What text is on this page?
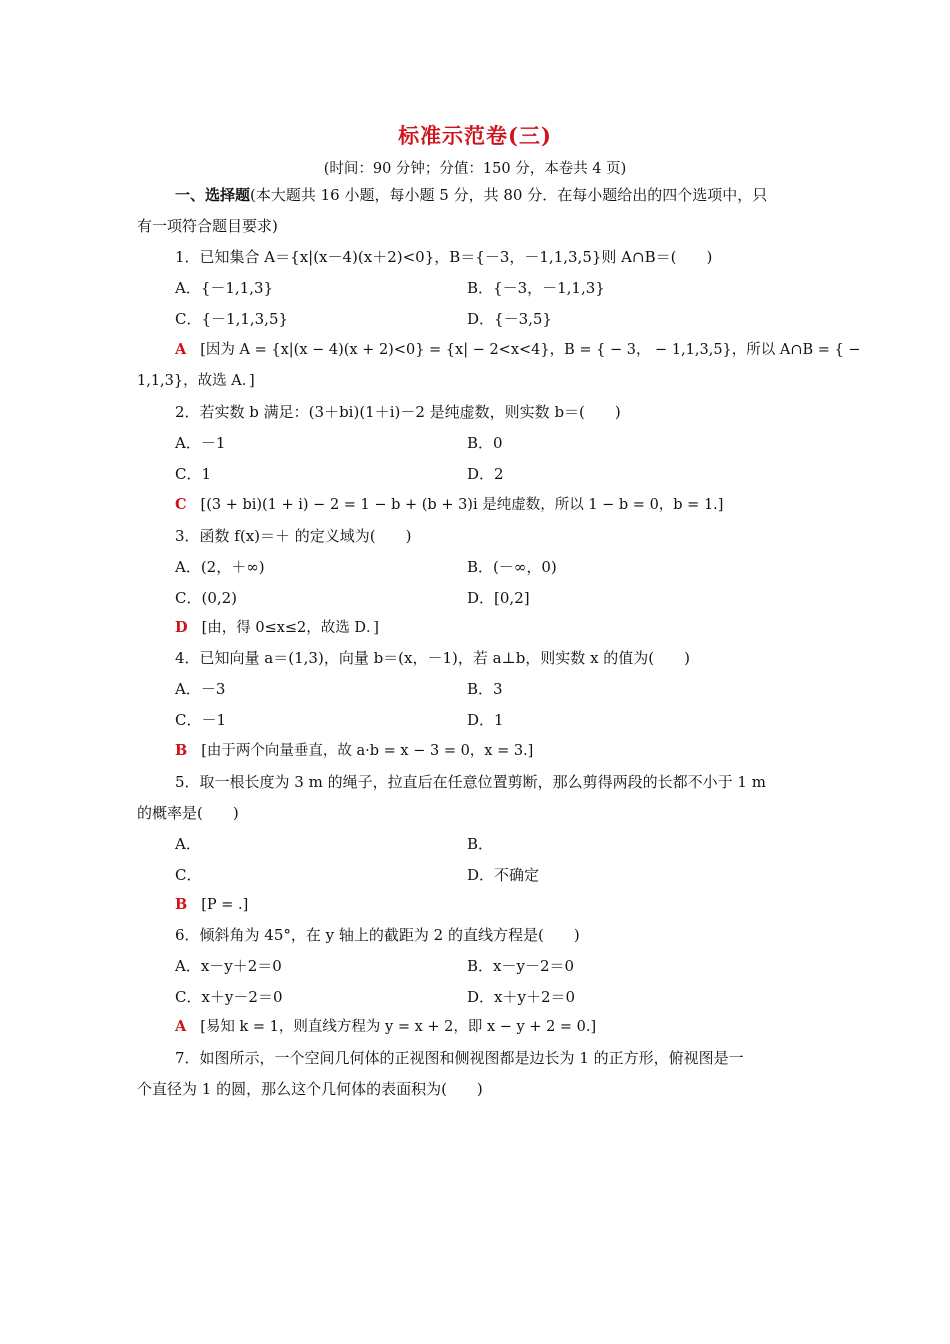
标准示范卷(三)
(时间：90 分钟；分值：150 分，本卷共 4 页)
一、选择题(本大题共 16 小题，每小题 5 分，共 80 分．在每小题给出的四个选项中，只
有一项符合题目要求)
1．已知集合 A＝{x|(x－4)(x＋2)<0}，B＝{－3，－1,1,3,5}则 A∩B＝(　　)
A．{－1,1,3}	B．{－3，－1,1,3}
C．{－1,1,3,5}	D．{－3,5}
A [因为 A = {x|(x − 4)(x + 2)<0} = {x| − 2<x<4}，B = { − 3， − 1,1,3,5}，所以 A∩B = { −
1,1,3}，故选 A．]
2．若实数 b 满足：(3＋bi)(1＋i)－2 是纯虚数，则实数 b＝(　　)
A．－1	B．0
C．1	D．2
C [(3 + bi)(1 + i) − 2 = 1 − b + (b + 3)i 是纯虚数，所以 1 − b = 0，b = 1.]
3．函数 f(x)＝＋ 的定义域为(　　)
A．(2，＋∞)	B．(－∞，0)
C．(0,2)	D．[0,2]
D [由，得 0≤x≤2，故选 D．]
4．已知向量 a＝(1,3)，向量 b＝(x，－1)，若 a⊥b，则实数 x 的值为(　　)
A．－3	B．3
C．－1	D．1
B [由于两个向量垂直，故 a·b = x − 3 = 0，x = 3.]
5．取一根长度为 3 m 的绳子，拉直后在任意位置剪断，那么剪得两段的长都不小于 1 m
的概率是(　　)
A．	B．
C．	D．不确定
B [P = .]
6．倾斜角为 45°，在 y 轴上的截距为 2 的直线方程是(　　)
A．x－y＋2＝0	B．x－y－2＝0
C．x＋y－2＝0	D．x＋y＋2＝0
A [易知 k = 1，则直线方程为 y = x + 2，即 x − y + 2 = 0.]
7．如图所示，一个空间几何体的正视图和侧视图都是边长为 1 的正方形，俯视图是一
个直径为 1 的圆，那么这个几何体的表面积为(　　)
